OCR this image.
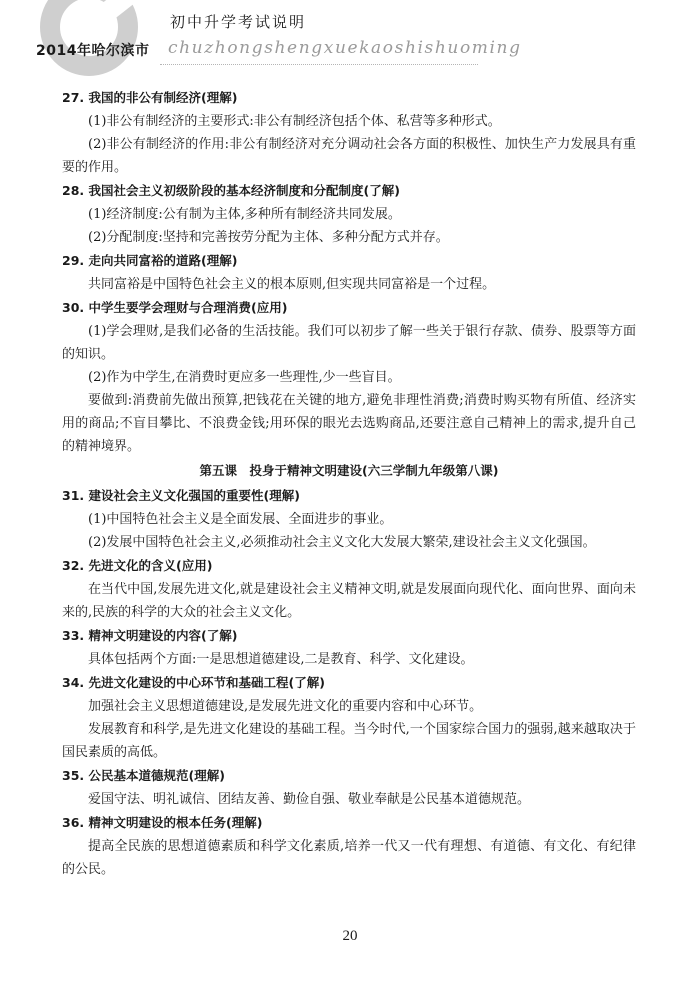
2014年哈尔滨市
初中升学考试说明
chuzhongshengxuekaoshishuoming

27. 我国的非公有制经济(理解)

(1)非公有制经济的主要形式:非公有制经济包括个体、私营等多种形式。

(2)非公有制经济的作用:非公有制经济对充分调动社会各方面的积极性、加快生产力发展具有重要的作用。

28. 我国社会主义初级阶段的基本经济制度和分配制度(了解)

(1)经济制度:公有制为主体,多种所有制经济共同发展。

(2)分配制度:坚持和完善按劳分配为主体、多种分配方式并存。

29. 走向共同富裕的道路(理解)

共同富裕是中国特色社会主义的根本原则,但实现共同富裕是一个过程。

30. 中学生要学会理财与合理消费(应用)

(1)学会理财,是我们必备的生活技能。我们可以初步了解一些关于银行存款、债券、股票等方面的知识。

(2)作为中学生,在消费时更应多一些理性,少一些盲目。

要做到:消费前先做出预算,把钱花在关键的地方,避免非理性消费;消费时购买物有所值、经济实用的商品;不盲目攀比、不浪费金钱;用环保的眼光去选购商品,还要注意自己精神上的需求,提升自己的精神境界。

第五课　投身于精神文明建设(六三学制九年级第八课)

31. 建设社会主义文化强国的重要性(理解)

(1)中国特色社会主义是全面发展、全面进步的事业。

(2)发展中国特色社会主义,必须推动社会主义文化大发展大繁荣,建设社会主义文化强国。

32. 先进文化的含义(应用)

在当代中国,发展先进文化,就是建设社会主义精神文明,就是发展面向现代化、面向世界、面向未来的,民族的科学的大众的社会主义文化。

33. 精神文明建设的内容(了解)

具体包括两个方面:一是思想道德建设,二是教育、科学、文化建设。

34. 先进文化建设的中心环节和基础工程(了解)

加强社会主义思想道德建设,是发展先进文化的重要内容和中心环节。

发展教育和科学,是先进文化建设的基础工程。当今时代,一个国家综合国力的强弱,越来越取决于国民素质的高低。

35. 公民基本道德规范(理解)

爱国守法、明礼诚信、团结友善、勤俭自强、敬业奉献是公民基本道德规范。

36. 精神文明建设的根本任务(理解)

提高全民族的思想道德素质和科学文化素质,培养一代又一代有理想、有道德、有文化、有纪律的公民。

20
